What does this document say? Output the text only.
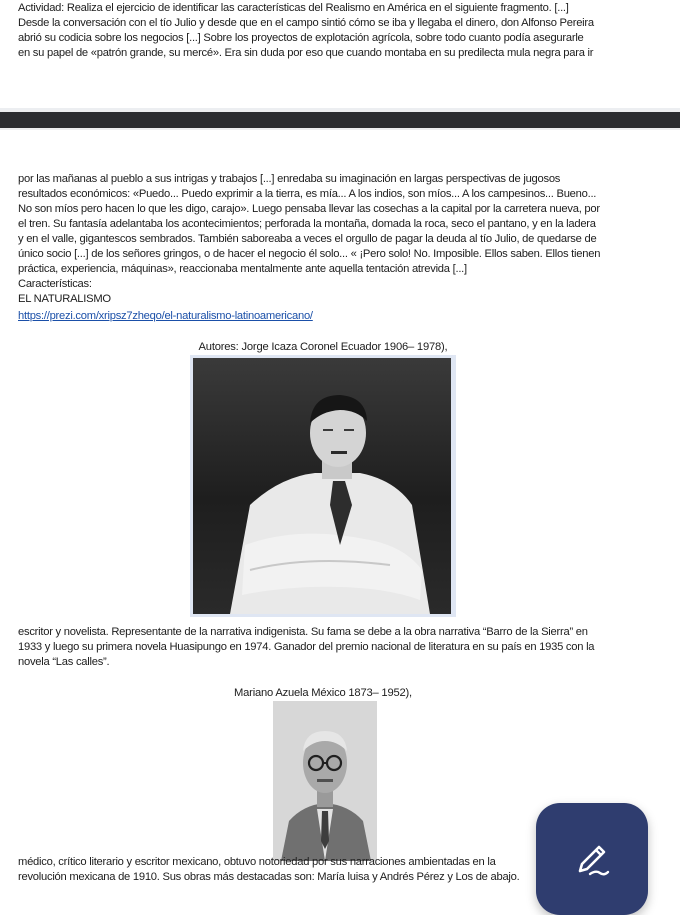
Actividad: Realiza el ejercicio de identificar las características del Realismo en América en el siguiente fragmento. [...]
Desde la conversación con el tío Julio y desde que en el campo sintió cómo se iba y llegaba el dinero, don Alfonso Pereira
abrió su codicia sobre los negocios [...] Sobre los proyectos de explotación agrícola, sobre todo cuanto podía asegurarle
en su papel de «patrón grande, su mercé». Era sin duda por eso que cuando montaba en su predilecta mula negra para ir
por las mañanas al pueblo a sus intrigas y trabajos [...] enredaba su imaginación en largas perspectivas de jugosos
resultados económicos: «Puedo... Puedo exprimir a la tierra, es mía... A los indios, son míos... A los campesinos... Bueno...
No son míos pero hacen lo que les digo, carajo». Luego pensaba llevar las cosechas a la capital por la carretera nueva, por
el tren. Su fantasía adelantaba los acontecimientos; perforada la montaña, domada la roca, seco el pantano, y en la ladera
y en el valle, gigantescos sembrados. También saboreaba a veces el orgullo de pagar la deuda al tío Julio, de quedarse de
único socio [...] de los señores gringos, o de hacer el negocio él solo... « ¡Pero solo! No. Imposible. Ellos saben. Ellos tienen
práctica, experiencia, máquinas», reaccionaba mentalmente ante aquella tentación atrevida [...]
Características:
EL NATURALISMO
https://prezi.com/xripsz7zheqo/el-naturalismo-latinoamericano/
Autores: Jorge Icaza Coronel Ecuador 1906– 1978),
escritor y novelista. Representante de la narrativa indigenista. Su fama se debe a la obra narrativa “Barro de la Sierra” en
1933 y luego su primera novela Huasipungo en 1974. Ganador del premio nacional de literatura en su país en 1935 con la
novela “Las calles”.
Mariano Azuela México 1873– 1952),
médico, crítico literario y escritor mexicano, obtuvo notoriedad por sus narraciones ambientadas en la
revolución mexicana de 1910. Sus obras más destacadas son: María luisa y Andrés Pérez y Los de abajo.
